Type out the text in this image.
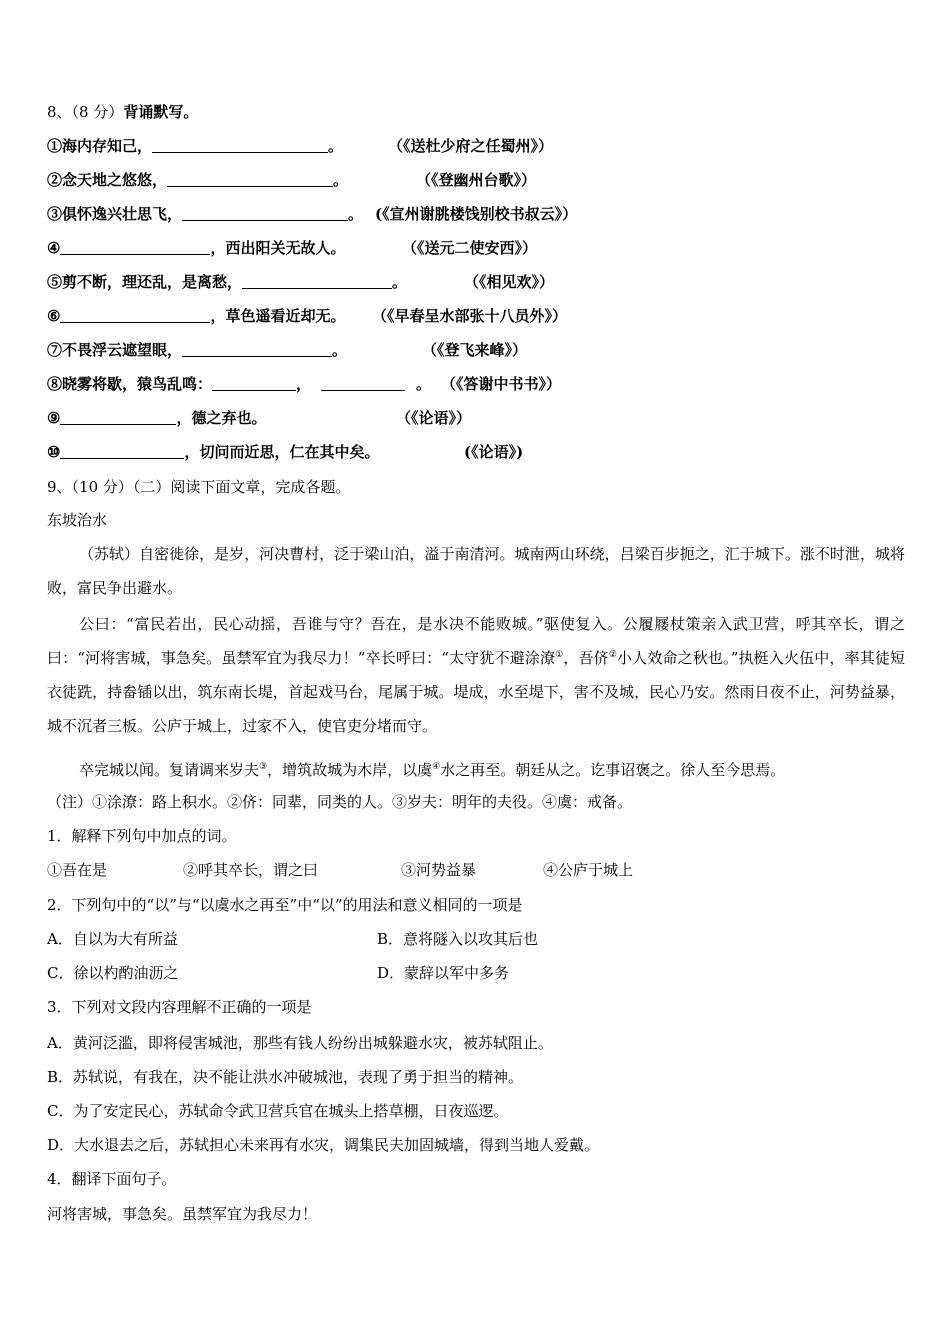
8、（8 分）背诵默写。
①海内存知己，	。	（《送杜少府之任蜀州》）
②念天地之悠悠，	。	（《登幽州台歌》）
③俱怀逸兴壮思飞，	。 (《宣州谢朓楼饯别校书叔云》）
④	，西出阳关无故人。	（《送元二使安西》）
⑤剪不断，理还乱，是离愁，	。	（《相见欢》）
⑥	，草色遥看近却无。 （《早春呈水部张十八员外》）
⑦不畏浮云遮望眼，	。	（《登飞来峰》）
⑧晓雾将歇，猿鸟乱鸣：	，	。 （《答谢中书书》）
⑨	，德之弃也。	（《论语》）
⑩	，切问而近思，仁在其中矣。	(《论语》)
9、（10 分）（二）阅读下面文章，完成各题。
东坡治水
（苏轼）自密徙徐，是岁，河决曹村，泛于梁山泊，溢于南清河。城南两山环绕，吕梁百步扼之，汇于城下。涨不时泄，城将败，富民争出避水。
公曰：“富民若出，民心动摇，吾谁与守？吾在，是水决不能败城。”驱使复入。公履屦杖策亲入武卫营，呼其卒长，谓之曰：“河将害城，事急矣。虽禁军宜为我尽力！”卒长呼曰：“太守犹不避涂潦①，吾侪②小人效命之秋也。”执梃入火伍中，率其徒短衣徒跣，持畚锸以出，筑东南长堤，首起戏马台，尾属于城。堤成，水至堤下，害不及城，民心乃安。然雨日夜不止，河势益暴，城不沉者三板。公庐于城上，过家不入，使官吏分堵而守。
卒完城以闻。复请调来岁夫③，增筑故城为木岸，以虞④水之再至。朝廷从之。讫事诏褒之。徐人至今思焉。
（注）①涂潦：路上积水。②侪：同辈，同类的人。③岁夫：明年的夫役。④虞：戒备。
1．解释下列句中加点的词。
①吾在是	②呼其卒长，谓之曰	③河势益暴	④公庐于城上
2．下列句中的“以”与“以虞水之再至”中“以”的用法和意义相同的一项是
A．自以为大有所益	B．意将隧入以攻其后也
C．徐以杓酌油沥之	D．蒙辞以军中多务
3．下列对文段内容理解不正确的一项是
A．黄河泛滥，即将侵害城池，那些有钱人纷纷出城躲避水灾，被苏轼阻止。
B．苏轼说，有我在，决不能让洪水冲破城池，表现了勇于担当的精神。
C．为了安定民心，苏轼命令武卫营兵官在城头上搭草棚，日夜巡逻。
D．大水退去之后，苏轼担心未来再有水灾，调集民夫加固城墙，得到当地人爱戴。
4．翻译下面句子。
河将害城，事急矣。虽禁军宜为我尽力！
